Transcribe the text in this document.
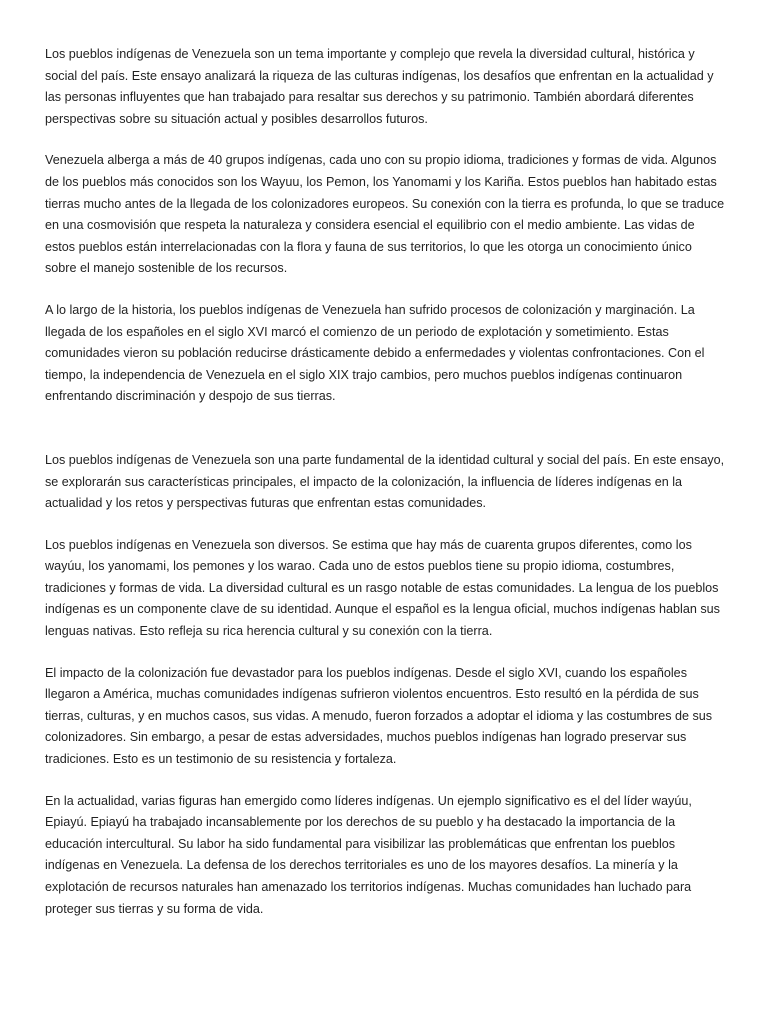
Los pueblos indígenas de Venezuela son un tema importante y complejo que revela la diversidad cultural, histórica y social del país. Este ensayo analizará la riqueza de las culturas indígenas, los desafíos que enfrentan en la actualidad y las personas influyentes que han trabajado para resaltar sus derechos y su patrimonio. También abordará diferentes perspectivas sobre su situación actual y posibles desarrollos futuros.

Venezuela alberga a más de 40 grupos indígenas, cada uno con su propio idioma, tradiciones y formas de vida. Algunos de los pueblos más conocidos son los Wayuu, los Pemon, los Yanomami y los Kariña. Estos pueblos han habitado estas tierras mucho antes de la llegada de los colonizadores europeos. Su conexión con la tierra es profunda, lo que se traduce en una cosmovisión que respeta la naturaleza y considera esencial el equilibrio con el medio ambiente. Las vidas de estos pueblos están interrelacionadas con la flora y fauna de sus territorios, lo que les otorga un conocimiento único sobre el manejo sostenible de los recursos.

A lo largo de la historia, los pueblos indígenas de Venezuela han sufrido procesos de colonización y marginación. La llegada de los españoles en el siglo XVI marcó el comienzo de un periodo de explotación y sometimiento. Estas comunidades vieron su población reducirse drásticamente debido a enfermedades y violentas confrontaciones. Con el tiempo, la independencia de Venezuela en el siglo XIX trajo cambios, pero muchos pueblos indígenas continuaron enfrentando discriminación y despojo de sus tierras.

Los pueblos indígenas de Venezuela son una parte fundamental de la identidad cultural y social del país. En este ensayo, se explorarán sus características principales, el impacto de la colonización, la influencia de líderes indígenas en la actualidad y los retos y perspectivas futuras que enfrentan estas comunidades.

Los pueblos indígenas en Venezuela son diversos. Se estima que hay más de cuarenta grupos diferentes, como los wayúu, los yanomami, los pemones y los warao. Cada uno de estos pueblos tiene su propio idioma, costumbres, tradiciones y formas de vida. La diversidad cultural es un rasgo notable de estas comunidades. La lengua de los pueblos indígenas es un componente clave de su identidad. Aunque el español es la lengua oficial, muchos indígenas hablan sus lenguas nativas. Esto refleja su rica herencia cultural y su conexión con la tierra.

El impacto de la colonización fue devastador para los pueblos indígenas. Desde el siglo XVI, cuando los españoles llegaron a América, muchas comunidades indígenas sufrieron violentos encuentros. Esto resultó en la pérdida de sus tierras, culturas, y en muchos casos, sus vidas. A menudo, fueron forzados a adoptar el idioma y las costumbres de sus colonizadores. Sin embargo, a pesar de estas adversidades, muchos pueblos indígenas han logrado preservar sus tradiciones. Esto es un testimonio de su resistencia y fortaleza.

En la actualidad, varias figuras han emergido como líderes indígenas. Un ejemplo significativo es el del líder wayúu, Epiayú. Epiayú ha trabajado incansablemente por los derechos de su pueblo y ha destacado la importancia de la educación intercultural. Su labor ha sido fundamental para visibilizar las problemáticas que enfrentan los pueblos indígenas en Venezuela. La defensa de los derechos territoriales es uno de los mayores desafíos. La minería y la explotación de recursos naturales han amenazado los territorios indígenas. Muchas comunidades han luchado para proteger sus tierras y su forma de vida.
